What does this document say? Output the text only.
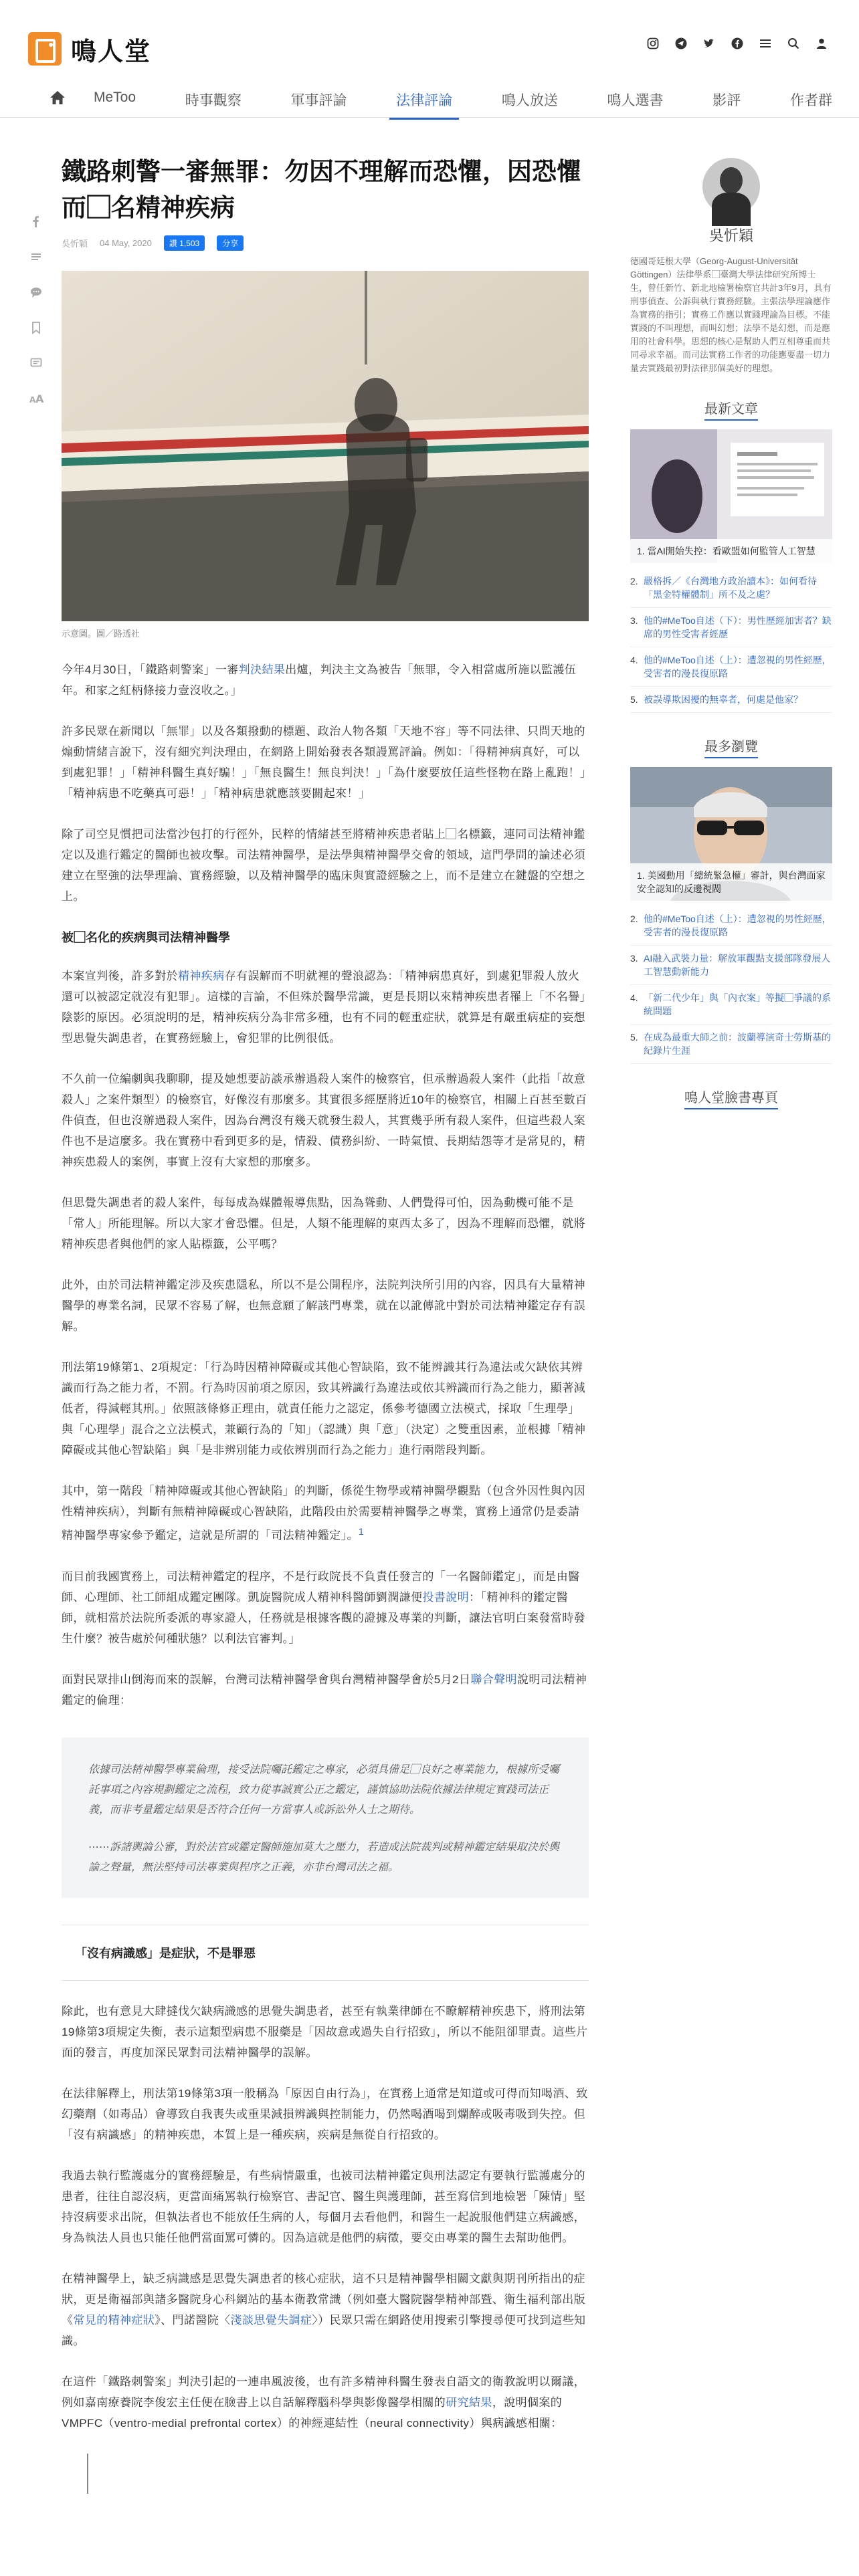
鳴人堂
MeToo	時事觀察	軍事評論	法律評論	鳴人放送	鳴人選書	影評	作者群
A A
鐵路刺警一審無罪：勿因不理解而恐懼，因恐懼而⃞名精神疾病
吳忻穎 04 May, 2020	讚 1,503	分享
示意圖。圖／路透社

今年4月30日，「鐵路刺警案」一審判決結果出爐，判決主文為被告「無罪，令入相當處所施以監護伍年。和家之紅柄條接力壹沒收之。」

許多民眾在新聞以「無罪」以及各類撥動的標題、政治人物各類「天地不容」等不同法律、只問天地的煽動情緒言說下，沒有細究判決理由，在網路上開始發表各類謾罵評論。例如：「得精神病真好，可以到處犯罪！」「精神科醫生真好騙！」「無良醫生！無良判決！」「為什麼要放任這些怪物在路上亂跑！」「精神病患不吃藥真可惡！」「精神病患就應該要關起來！」

除了司空見慣把司法當沙包打的行徑外，民粹的情緒甚至將精神疾患者貼上⃞名標籤，連同司法精神鑑定以及進行鑑定的醫師也被攻擊。司法精神醫學，是法學與精神醫學交會的領域，這門學問的論述必須建立在堅強的法學理論、實務經驗，以及精神醫學的臨床與實證經驗之上，而不是建立在鍵盤的空想之上。

被⃞名化的疾病與司法精神醫學

本案宣判後，許多對於精神疾病存有誤解而不明就裡的聲浪認為：「精神病患真好，到處犯罪殺人放火還可以被認定就沒有犯罪」。這樣的言論，不但殊於醫學常識，更是長期以來精神疾患者罹上「不名譽」陰影的原因。必須說明的是，精神疾病分為非常多種，也有不同的輕重症狀，就算是有嚴重病症的妄想型思覺失調患者，在實務經驗上，會犯罪的比例很低。

不久前一位編劇與我聊聊，提及她想要訪談承辦過殺人案件的檢察官，但承辦過殺人案件（此指「故意殺人」之案件類型）的檢察官，好像沒有那麼多。其實很多經歷將近10年的檢察官，相關上百甚至數百件偵查，但也沒辦過殺人案件，因為台灣沒有幾天就發生殺人，其實幾乎所有殺人案件，但這些殺人案件也不是這麼多。我在實務中看到更多的是，情殺、債務糾紛、一時氣憤、長期結怨等才是常見的，精神疾患殺人的案例，事實上沒有大家想的那麼多。

但思覺失調患者的殺人案件，每每成為媒體報導焦點，因為聳動、人們覺得可怕，因為動機可能不是「常人」所能理解。所以大家才會恐懼。但是，人類不能理解的東西太多了，因為不理解而恐懼，就將精神疾患者與他們的家人貼標籤，公平嗎？

此外，由於司法精神鑑定涉及疾患隱私，所以不是公開程序，法院判決所引用的內容，因具有大量精神醫學的專業名詞，民眾不容易了解，也無意願了解該門專業，就在以訛傳訛中對於司法精神鑑定存有誤解。

刑法第19條第1、2項規定：「行為時因精神障礙或其他心智缺陷，致不能辨識其行為違法或欠缺依其辨識而行為之能力者，不罰。行為時因前項之原因，致其辨識行為違法或依其辨識而行為之能力，顯著減低者，得減輕其刑。」依照該條修正理由，就責任能力之認定，係參考德國立法模式，採取「生理學」與「心理學」混合之立法模式，兼顧行為的「知」（認識）與「意」（決定）之雙重因素，並根據「精神障礙或其他心智缺陷」與「是非辨別能力或依辨別而行為之能力」進行兩階段判斷。

其中，第一階段「精神障礙或其他心智缺陷」的判斷，係從生物學或精神醫學觀點（包含外因性與內因性精神疾病），判斷有無精神障礙或心智缺陷，此階段由於需要精神醫學之專業，實務上通常仍是委請精神醫學專家參予鑑定，這就是所謂的「司法精神鑑定」。$^1$

而目前我國實務上，司法精神鑑定的程序，不是行政院長不負責任發言的「一名醫師鑑定」，而是由醫師、心理師、社工師組成鑑定團隊。凱旋醫院成人精神科醫師劉潤謙便投書說明：「精神科的鑑定醫師，就相當於法院所委派的專家證人，任務就是根據客觀的證據及專業的判斷，讓法官明白案發當時發生什麼？被告處於何種狀態？以利法官審判。」

面對民眾排山倒海而來的誤解，台灣司法精神醫學會與台灣精神醫學會於5月2日聯合聲明說明司法精神鑑定的倫理：

依據司法精神醫學專業倫理，接受法院囑託鑑定之專家，必須具備足⃞良好之專業能力，根據所受囑託事項之內容規劃鑑定之流程，致力從事誠實公正之鑑定，謹慎協助法院依據法律規定實踐司法正義，而非考量鑑定結果是否符合任何一方當事人或訴訟外人士之期待。

⋯⋯訴諸輿論公審，對於法官或鑑定醫師施加莫大之壓力，若造成法院裁判或精神鑑定結果取決於輿論之聲量，無法堅持司法專業與程序之正義，亦非台灣司法之福。

「沒有病識感」是症狀，不是罪惡

除此，也有意見大肆撻伐欠缺病識感的思覺失調患者，甚至有執業律師在不瞭解精神疾患下，將刑法第19條第3項規定失衡，表示這類型病患不服藥是「因故意或過失自行招致」，所以不能阻卻罪責。這些片面的發言，再度加深民眾對司法精神醫學的誤解。

在法律解釋上，刑法第19條第3項一般稱為「原因自由行為」，在實務上通常是知道或可得而知喝酒、致幻藥劑（如毒品）會導致自我喪失或重果減損辨識與控制能力，仍然喝酒喝到爛醉或吸毒吸到失控。但「沒有病識感」的精神疾患，本質上是一種疾病，疾病是無從自行招致的。

我過去執行監護處分的實務經驗是，有些病情嚴重，也被司法精神鑑定與刑法認定有要執行監護處分的患者，往往自認沒病，更當面痛罵執行檢察官、書記官、醫生與護理師，甚至寫信到地檢署「陳情」堅持沒病要求出院，但執法者也不能放任生病的人，每個月去看他們，和醫生一起說服他們建立病識感，身為執法人員也只能任他們當面罵可憐的。因為這就是他們的病徵，要交由專業的醫生去幫助他們。

在精神醫學上，缺乏病識感是思覺失調患者的核心症狀，這不只是精神醫學相關文獻與期刊所指出的症狀，更是衛福部與諸多醫院身心科網站的基本衛教常識（例如臺大醫院醫學精神部暨、衛生福利部出版《常見的精神症狀》、門諾醫院〈淺談思覺失調症〉）民眾只需在網路使用搜索引擎搜尋便可找到這些知識。

在這件「鐵路刺警案」判決引起的一連串風波後，也有許多精神科醫生發表自語文的衛教說明以爾議，例如嘉南療養院李俊宏主任便在臉書上以自話解釋腦科學與影像醫學相關的研究結果，說明個案的VMPFC（ventro-medial prefrontal cortex）的神經連結性（neural connectivity）與病識感相關：

吳忻穎
德國哥廷根大學（Georg-August-Universität Göttingen）法律學系⃞臺灣大學法律研究所博士生，曾任新竹、新北地檢署檢察官共計3年9月，具有刑事偵查、公訴與執行實務經驗。主張法學理論應作為實務的指引；實務工作應以實踐理論為目標。不能實踐的不叫理想，而叫幻想；法學不是幻想，而是應用的社會科學。思想的核心是幫助人們互相尊重而共同尋求幸福。而司法實務工作者的功能應要盡一切力量去實踐最初對法律那個美好的理想。
最新文章
1. 當AI開始失控：看歐盟如何監管人工智慧
2. 嚴格拆／《台灣地方政治讀本》：如何看待「黑金特權體制」所不及之處？
3. 他的#MeToo自述（下）：男性歷經加害者？缺席的男性受害者經歷
4. 他的#MeToo自述（上）：遭忽視的男性經歷，受害者的漫長復原路
5. 被誤導欺困擾的無辜者，何處是他家？
最多瀏覽
1. 美國動用「總統緊急權」審計，與台灣面家安全認知的反邊視閥
2. 他的#MeToo自述（上）：遭忽視的男性經歷，受害者的漫長復原路
3. AI融入武裝力量：解放軍觀點支援部隊發展人工智慧動新能力
4. 「新二代少年」與「內衣案」等擬⃞爭議的系統問題
5. 在成為最重大師之前：波蘭導演奇士勞斯基的紀錄片生涯
鳴人堂臉書專頁
